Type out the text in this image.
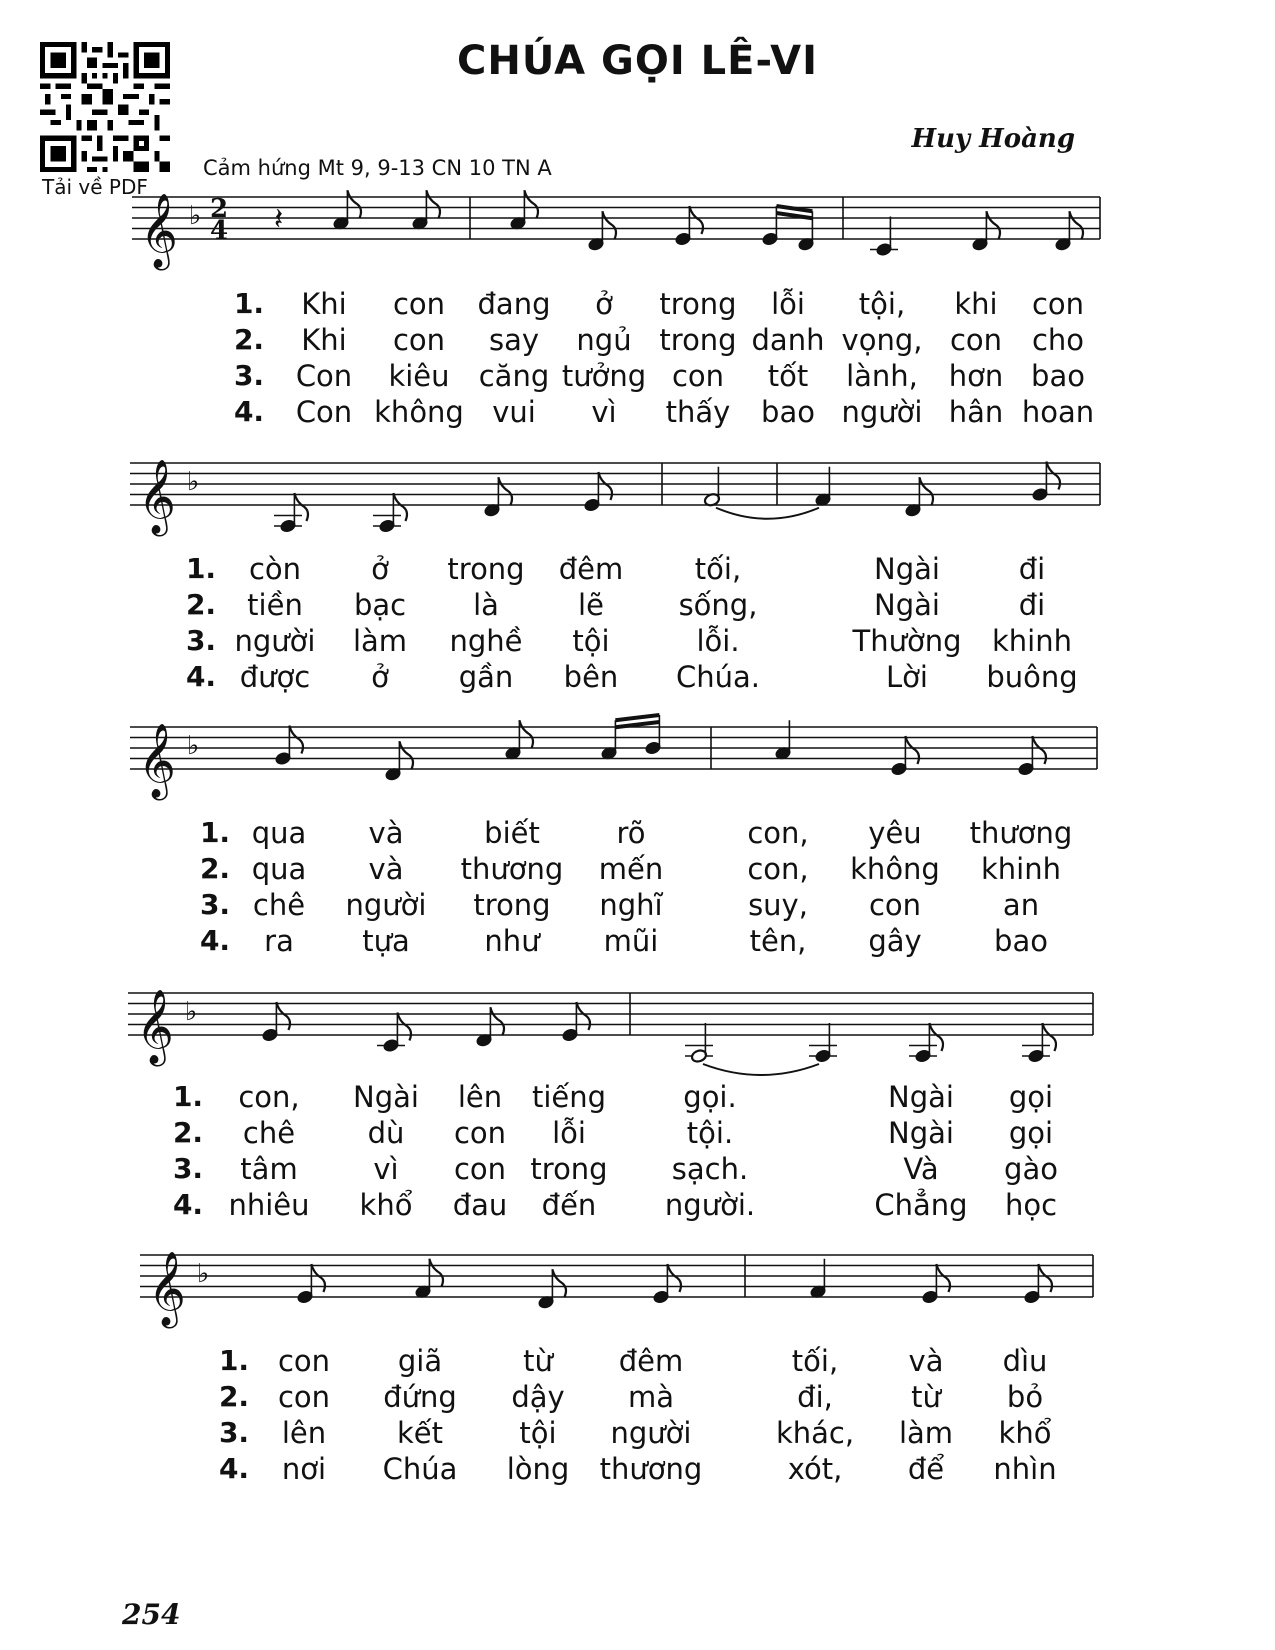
CHÚA GỌI LÊ-VI
Huy Hoàng
Cảm hứng Mt 9, 9-13 CN 10 TN A
Tải về PDF
𝄞 ♭ 2
4 𝄽
𝄞 ♭
𝄞 ♭
𝄞 ♭
𝄞 ♭
1. Khi con đang ở trong lỗi tội, khi con
2. Khi con say ngủ trong danh vọng, con cho
3. Con kiêu căng tưởng con tốt lành, hơn bao
4. Con không vui vì thấy bao người hân hoan
1. còn ở trong đêm tối,	Ngài	đi
2. tiền bạc là	lẽ	sống,	Ngài	đi
3. người làm nghề tội	lỗi.	Thường khinh
4. được ở gần bên Chúa.	Lời buông
1. qua và	biết	rõ	con, yêu thương
2. qua và thương mến	con, không khinh
3. chê người trong nghĩ	suy, con	an
4. ra tựa	như mũi	tên, gây bao
1. con, Ngài lên tiếng	gọi.	Ngài gọi
2. chê	dù con lỗi	tội.	Ngài gọi
3. tâm	vì con trong sạch.	Và gào
4. nhiêu khổ đau đến người.	Chẳng học
1. con giã	từ đêm	tối, và dìu
2. con đứng dậy mà	đi,	từ bỏ
3. lên kết	tội người	khác, làm khổ
4. nơi Chúa lòng thương	xót, để nhìn
254
